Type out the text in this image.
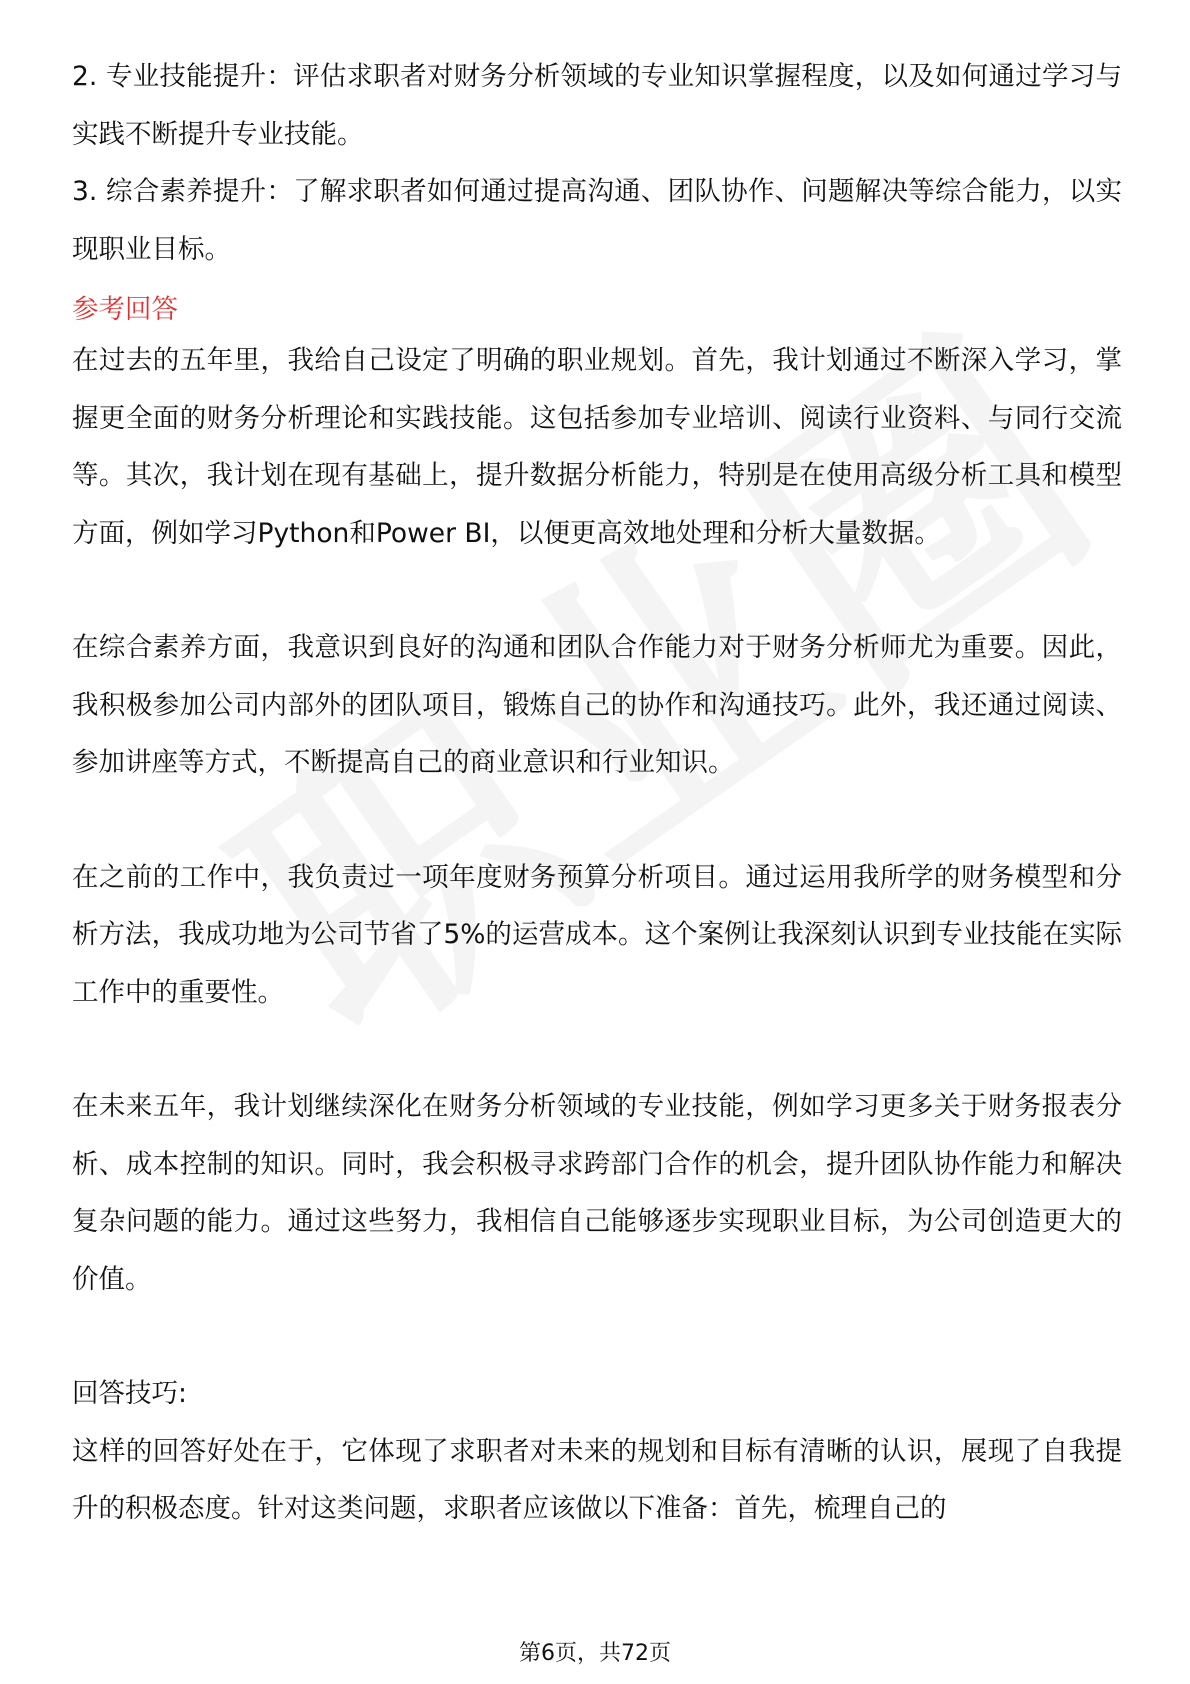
2. 专业技能提升：评估求职者对财务分析领域的专业知识掌握程度，以及如何通过学习与实践不断提升专业技能。

3. 综合素养提升：了解求职者如何通过提高沟通、团队协作、问题解决等综合能力，以实现职业目标。

参考回答

在过去的五年里，我给自己设定了明确的职业规划。首先，我计划通过不断深入学习，掌握更全面的财务分析理论和实践技能。这包括参加专业培训、阅读行业资料、与同行交流等。其次，我计划在现有基础上，提升数据分析能力，特别是在使用高级分析工具和模型方面，例如学习Python和Power BI，以便更高效地处理和分析大量数据。

在综合素养方面，我意识到良好的沟通和团队合作能力对于财务分析师尤为重要。因此，我积极参加公司内部外的团队项目，锻炼自己的协作和沟通技巧。此外，我还通过阅读、参加讲座等方式，不断提高自己的商业意识和行业知识。

在之前的工作中，我负责过一项年度财务预算分析项目。通过运用我所学的财务模型和分析方法，我成功地为公司节省了5%的运营成本。这个案例让我深刻认识到专业技能在实际工作中的重要性。

在未来五年，我计划继续深化在财务分析领域的专业技能，例如学习更多关于财务报表分析、成本控制的知识。同时，我会积极寻求跨部门合作的机会，提升团队协作能力和解决复杂问题的能力。通过这些努力，我相信自己能够逐步实现职业目标，为公司创造更大的价值。

回答技巧:

这样的回答好处在于，它体现了求职者对未来的规划和目标有清晰的认识，展现了自我提升的积极态度。针对这类问题，求职者应该做以下准备：首先，梳理自己的

第6页，共72页
